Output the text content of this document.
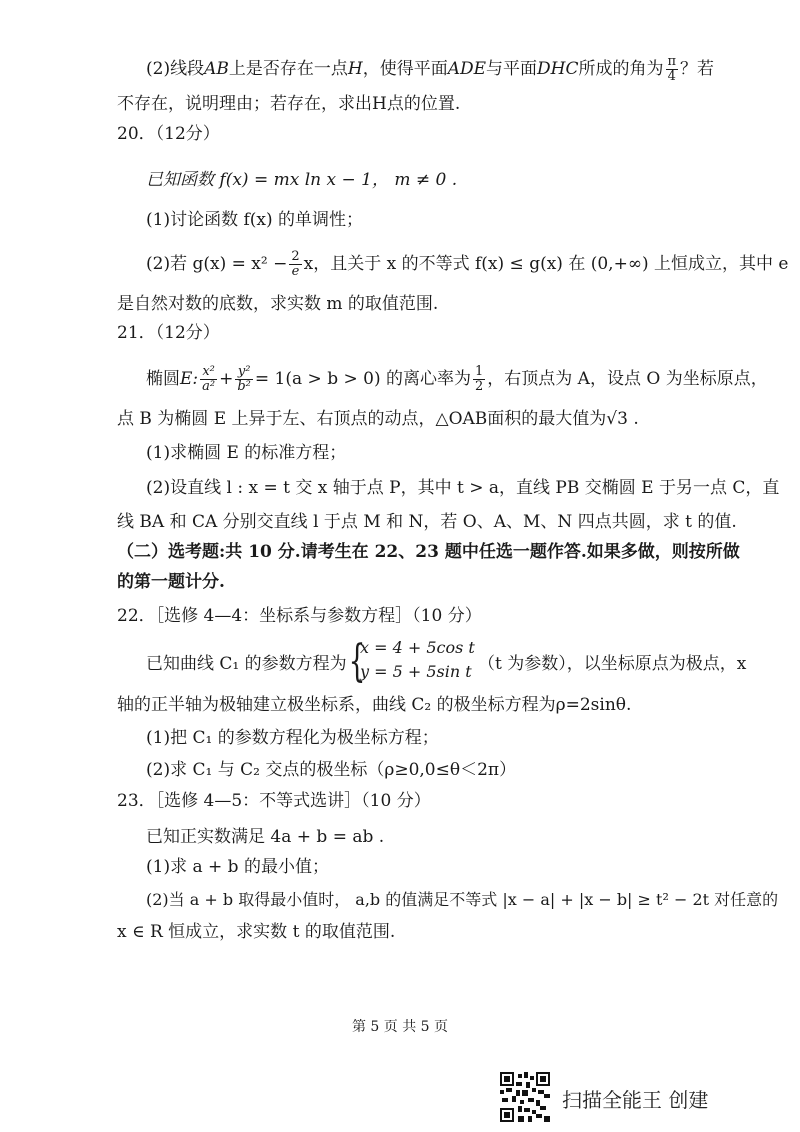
(2)线段AB上是否存在一点H，使得平面ADE与平面DHC所成的角为 $\frac{\pi}{4}$ ？若
不存在，说明理由；若存在，求出H点的位置.
20．（12分）
已知函数 f(x) = mx ln x − 1， m ≠ 0 .
(1)讨论函数 f(x) 的单调性；
(2)若 $g(x) = x^2 - \frac{2}{e}$ x，且关于 x 的不等式 f(x) ≤ g(x) 在 (0,+∞) 上恒成立，其中 e
是自然对数的底数，求实数 m 的取值范围.
21．（12分）
椭圆E: $\frac{\text{x²}}{\text{a²}} + \frac{\text{y²}}{\text{b²}} = 1(a > b > 0)$ 的离心率为 $\frac{1}{2}$ ，右顶点为 A，设点 O 为坐标原点，
点 B 为椭圆 E 上异于左、右顶点的动点，△OAB面积的最大值为√3 .
(1)求椭圆 E 的标准方程；
(2)设直线 l : x = t 交 x 轴于点 P，其中 t > a，直线 PB 交椭圆 E 于另一点 C，直
线 BA 和 CA 分别交直线 l 于点 M 和 N，若 O、A、M、N 四点共圆，求 t 的值.
（二）选考题:共 10 分.请考生在 22、23 题中任选一题作答.如果多做，则按所做
的第一题计分.
22．［选修 4—4：坐标系与参数方程］（10 分）
已知曲线 C₁ 的参数方程为 {
x = 4 + 5cos t
y = 5 + 5sin t （t 为参数），以坐标原点为极点，x
轴的正半轴为极轴建立极坐标系，曲线 C₂ 的极坐标方程为ρ=2sinθ.
(1)把 C₁ 的参数方程化为极坐标方程；
(2)求 C₁ 与 C₂ 交点的极坐标（ρ≥0,0≤θ＜2π）
23．［选修 4—5：不等式选讲］（10 分）
已知正实数满足 4a + b = ab .
(1)求 a + b 的最小值；
(2)当 a + b 取得最小值时， a,b 的值满足不等式 |x − a| + |x − b| ≥ t² − 2t 对任意的
x ∈ R 恒成立，求实数 t 的取值范围.
第 5 页 共 5 页
扫描全能王 创建
